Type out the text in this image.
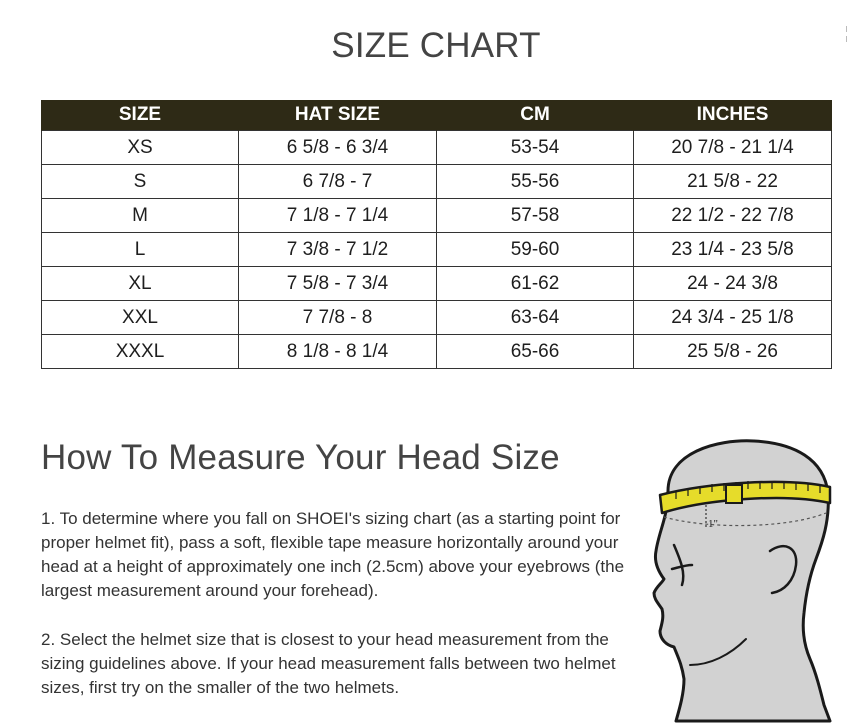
SIZE CHART
SIZE	HAT SIZE	CM	INCHES
XS	6 5/8 - 6 3/4	53-54	20 7/8 - 21 1/4
S	6 7/8 - 7	55-56	21 5/8 - 22
M	7 1/8 - 7 1/4	57-58	22 1/2 - 22 7/8
L	7 3/8 - 7 1/2	59-60	23 1/4 - 23 5/8
XL	7 5/8 - 7 3/4	61-62	24 - 24 3/8
XXL	7 7/8 - 8	63-64	24 3/4 - 25 1/8
XXXL	8 1/8 - 8 1/4	65-66	25 5/8 - 26
How To Measure Your Head Size

1. To determine where you fall on SHOEI's sizing chart (as a starting point for proper helmet fit), pass a soft, flexible tape measure horizontally around your head at a height of approximately one inch (2.5cm) above your eyebrows (the largest measurement around your forehead).

2. Select the helmet size that is closest to your head measurement from the sizing guidelines above. If your head measurement falls between two helmet sizes, first try on the smaller of the two helmets.

1"
